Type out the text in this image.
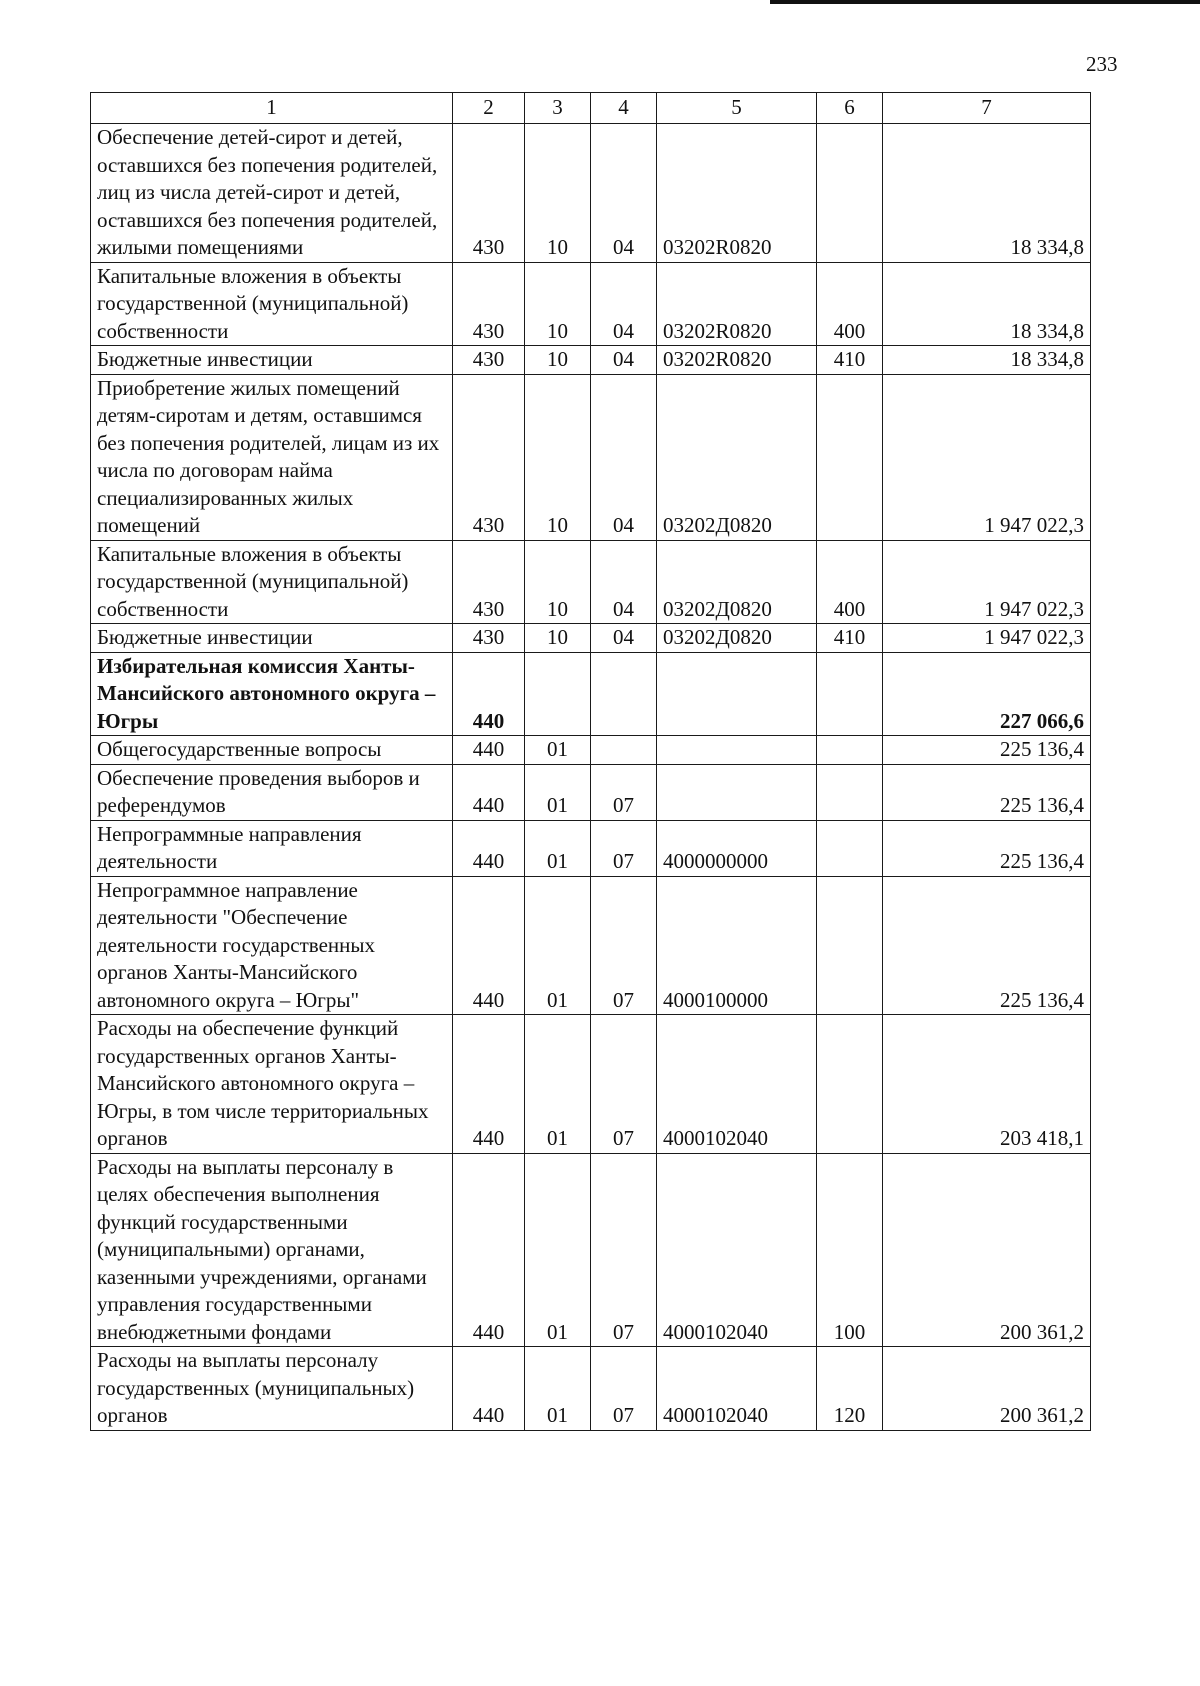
233
1	2	3	4	5	6	7
Обеспечение детей-сирот и детей, оставшихся без попечения родителей, лиц из числа детей-сирот и детей, оставшихся без попечения родителей, жилыми помещениями	430	10	04	03202R0820		18 334,8
Капитальные вложения в объекты государственной (муниципальной) собственности	430	10	04	03202R0820	400	18 334,8
Бюджетные инвестиции	430	10	04	03202R0820	410	18 334,8
Приобретение жилых помещений детям-сиротам и детям, оставшимся без попечения родителей, лицам из их числа по договорам найма специализированных жилых помещений	430	10	04	03202Д0820		1 947 022,3
Капитальные вложения в объекты государственной (муниципальной) собственности	430	10	04	03202Д0820	400	1 947 022,3
Бюджетные инвестиции	430	10	04	03202Д0820	410	1 947 022,3
Избирательная комиссия Ханты-Мансийского автономного округа – Югры	440					227 066,6
Общегосударственные вопросы	440	01				225 136,4
Обеспечение проведения выборов и референдумов	440	01	07			225 136,4
Непрограммные направления деятельности	440	01	07	4000000000		225 136,4
Непрограммное направление деятельности "Обеспечение деятельности государственных органов Ханты-Мансийского автономного округа – Югры"	440	01	07	4000100000		225 136,4
Расходы на обеспечение функций государственных органов Ханты-Мансийского автономного округа – Югры, в том числе территориальных органов	440	01	07	4000102040		203 418,1
Расходы на выплаты персоналу в целях обеспечения выполнения функций государственными (муниципальными) органами, казенными учреждениями, органами управления государственными внебюджетными фондами	440	01	07	4000102040	100	200 361,2
Расходы на выплаты персоналу государственных (муниципальных) органов	440	01	07	4000102040	120	200 361,2
